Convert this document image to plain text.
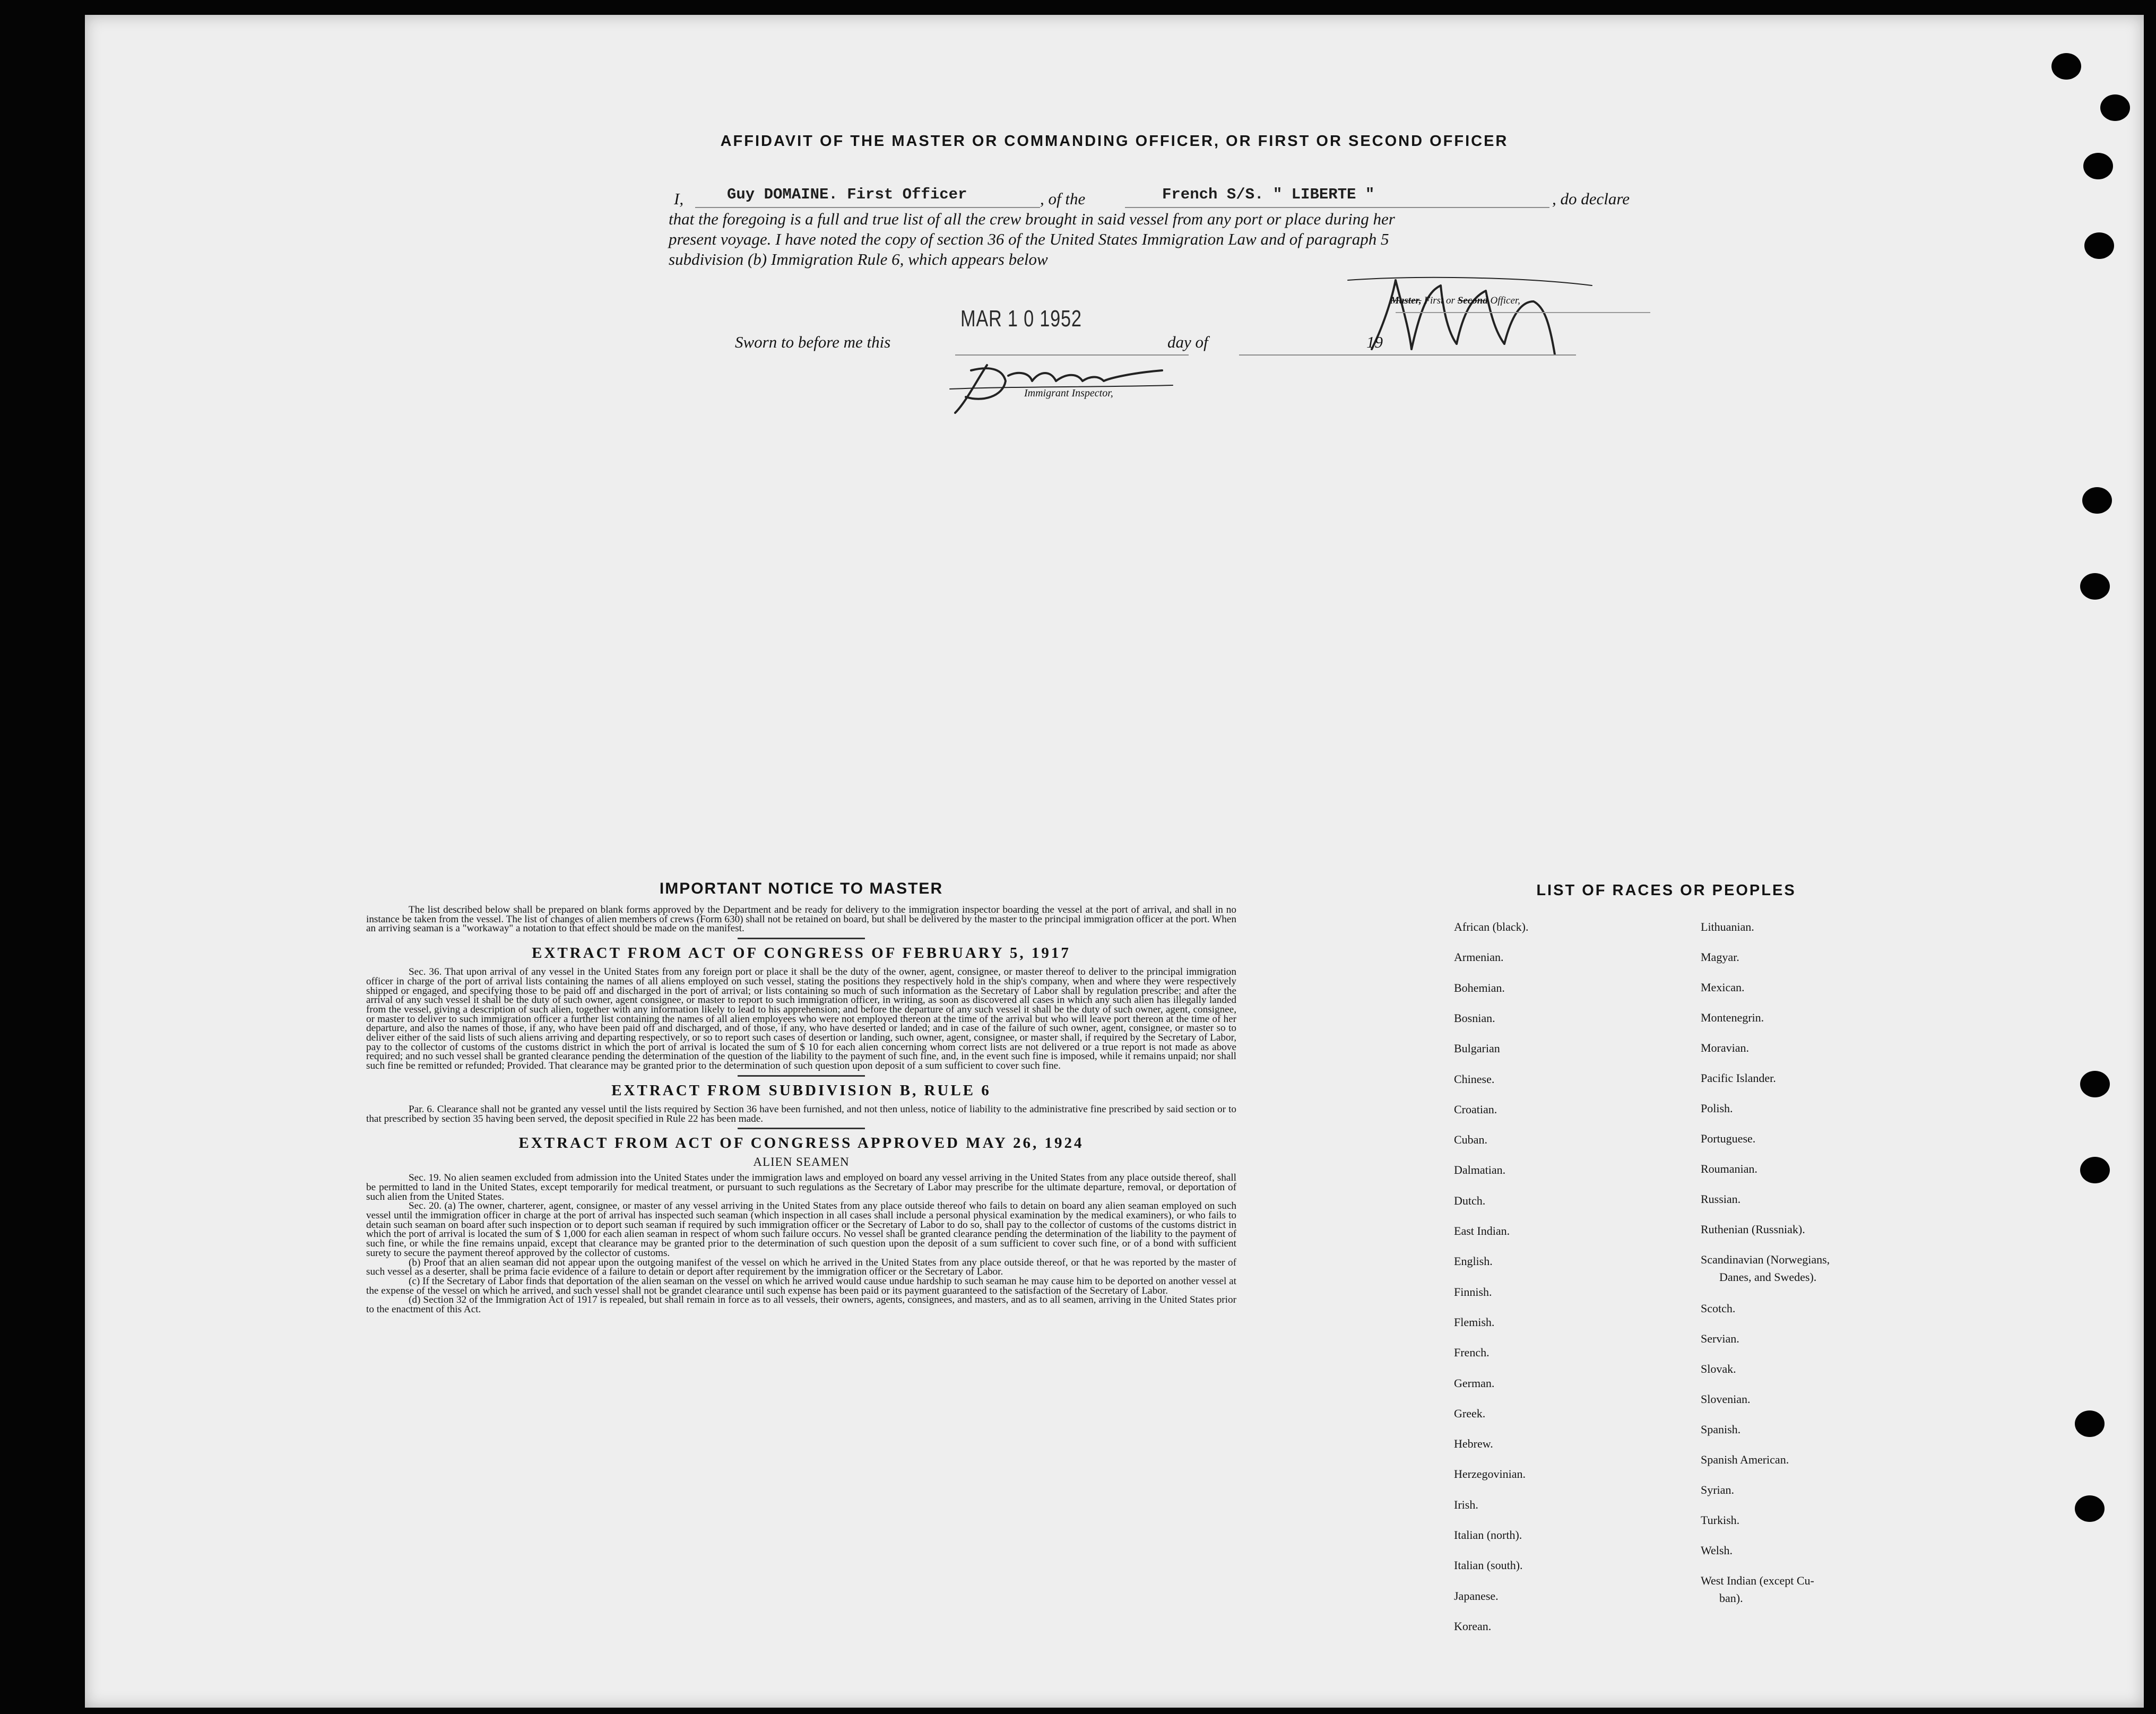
AFFIDAVIT OF THE MASTER OR COMMANDING OFFICER, OR FIRST OR SECOND OFFICER
I,	Guy DOMAINE. First Officer	, of the	French S/S. " LIBERTE "	, do declare
that the foregoing is a full and true list of all the crew brought in said vessel from any port or place during her
present voyage. I have noted the copy of section 36 of the United States Immigration Law and of paragraph 5
subdivision (b) Immigration Rule 6, which appears below
Master, First or Second Officer,
Sworn to before me this
MAR 1 0 1952
day of	19
Immigrant Inspector,
IMPORTANT NOTICE TO MASTER

The list described below shall be prepared on blank forms approved by the Department and be ready for delivery to the immigration inspector boarding the vessel at the port of arrival, and shall in no instance be taken from the vessel. The list of changes of alien members of crews (Form 630) shall not be retained on board, but shall be delivered by the master to the principal immigration officer at the port. When an arriving seaman is a "workaway" a notation to that effect should be made on the manifest.

EXTRACT FROM ACT OF CONGRESS OF FEBRUARY 5, 1917

Sec. 36. That upon arrival of any vessel in the United States from any foreign port or place it shall be the duty of the owner, agent, consignee, or master thereof to deliver to the principal immigration officer in charge of the port of arrival lists containing the names of all aliens employed on such vessel, stating the positions they respectively hold in the ship's company, when and where they were respectively shipped or engaged, and specifying those to be paid off and discharged in the port of arrival; or lists containing so much of such information as the Secretary of Labor shall by regulation prescribe; and after the arrival of any such vessel it shall be the duty of such owner, agent consignee, or master to report to such immigration officer, in writing, as soon as discovered all cases in which any such alien has illegally landed from the vessel, giving a description of such alien, together with any information likely to lead to his apprehension; and before the departure of any such vessel it shall be the duty of such owner, agent, consignee, or master to deliver to such immigration officer a further list containing the names of all alien employees who were not employed thereon at the time of the arrival but who will leave port thereon at the time of her departure, and also the names of those, if any, who have been paid off and discharged, and of those, if any, who have deserted or landed; and in case of the failure of such owner, agent, consignee, or master so to deliver either of the said lists of such aliens arriving and departing respectively, or so to report such cases of desertion or landing, such owner, agent, consignee, or master shall, if required by the Secretary of Labor, pay to the collector of customs of the customs district in which the port of arrival is located the sum of $ 10 for each alien concerning whom correct lists are not delivered or a true report is not made as above required; and no such vessel shall be granted clearance pending the determination of the question of the liability to the payment of such fine, and, in the event such fine is imposed, while it remains unpaid; nor shall such fine be remitted or refunded; Provided. That clearance may be granted prior to the determination of such question upon deposit of a sum sufficient to cover such fine.

EXTRACT FROM SUBDIVISION B, RULE 6

Par. 6. Clearance shall not be granted any vessel until the lists required by Section 36 have been furnished, and not then unless, notice of liability to the administrative fine prescribed by said section or to that prescribed by section 35 having been served, the deposit specified in Rule 22 has been made.

EXTRACT FROM ACT OF CONGRESS APPROVED MAY 26, 1924
ALIEN SEAMEN

Sec. 19. No alien seamen excluded from admission into the United States under the immigration laws and employed on board any vessel arriving in the United States from any place outside thereof, shall be permitted to land in the United States, except temporarily for medical treatment, or pursuant to such regulations as the Secretary of Labor may prescribe for the ultimate departure, removal, or deportation of such alien from the United States.

Sec. 20. (a) The owner, charterer, agent, consignee, or master of any vessel arriving in the United States from any place outside thereof who fails to detain on board any alien seaman employed on such vessel until the immigration officer in charge at the port of arrival has inspected such seaman (which inspection in all cases shall include a personal physical examination by the medical examiners), or who fails to detain such seaman on board after such inspection or to deport such seaman if required by such immigration officer or the Secretary of Labor to do so, shall pay to the collector of customs of the customs district in which the port of arrival is located the sum of $ 1,000 for each alien seaman in respect of whom such failure occurs. No vessel shall be granted clearance pending the determination of the liability to the payment of such fine, or while the fine remains unpaid, except that clearance may be granted prior to the determination of such question upon the deposit of a sum sufficient to cover such fine, or of a bond with sufficient surety to secure the payment thereof approved by the collector of customs.

(b) Proof that an alien seaman did not appear upon the outgoing manifest of the vessel on which he arrived in the United States from any place outside thereof, or that he was reported by the master of such vessel as a deserter, shall be prima facie evidence of a failure to detain or deport after requirement by the immigration officer or the Secretary of Labor.

(c) If the Secretary of Labor finds that deportation of the alien seaman on the vessel on which he arrived would cause undue hardship to such seaman he may cause him to be deported on another vessel at the expense of the vessel on which he arrived, and such vessel shall not be grandet clearance until such expense has been paid or its payment guaranteed to the satisfaction of the Secretary of Labor.

(d) Section 32 of the Immigration Act of 1917 is repealed, but shall remain in force as to all vessels, their owners, agents, consignees, and masters, and as to all seamen, arriving in the United States prior to the enactment of this Act.

LIST OF RACES OR PEOPLES
African (black).
Armenian.
Bohemian.
Bosnian.
Bulgarian
Chinese.
Croatian.
Cuban.
Dalmatian.
Dutch.
East Indian.
English.
Finnish.
Flemish.
French.
German.
Greek.
Hebrew.
Herzegovinian.
Irish.
Italian (north).
Italian (south).
Japanese.
Korean.
Lithuanian.
Magyar.
Mexican.
Montenegrin.
Moravian.
Pacific Islander.
Polish.
Portuguese.
Roumanian.
Russian.
Ruthenian (Russniak).
Scandinavian (Norwegians,
Danes, and Swedes).
Scotch.
Servian.
Slovak.
Slovenian.
Spanish.
Spanish American.
Syrian.
Turkish.
Welsh.
West Indian (except Cu-
ban).
